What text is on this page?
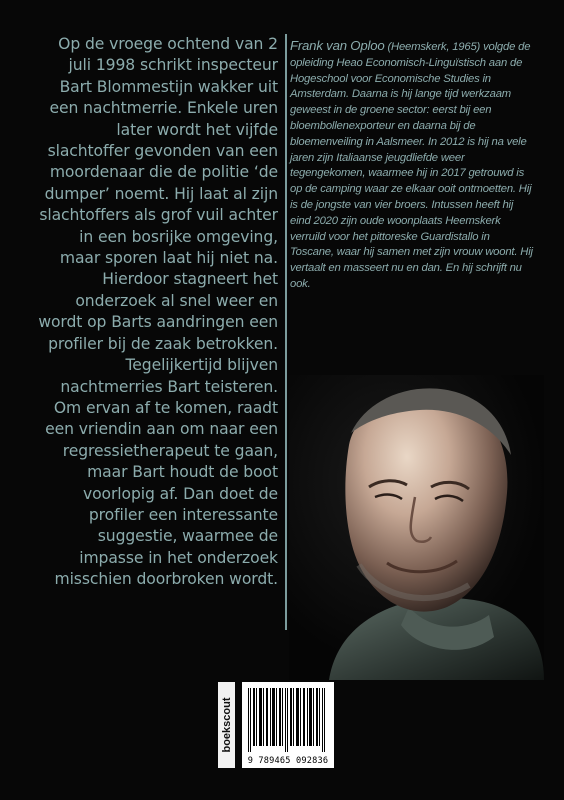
Op de vroege ochtend van 2 juli 1998 schrikt inspecteur Bart Blommestijn wakker uit een nachtmerrie. Enkele uren later wordt het vijfde slachtoffer gevonden van een moordenaar die de politie ‘de dumper’ noemt. Hij laat al zijn slachtoffers als grof vuil achter in een bosrijke omgeving, maar sporen laat hij niet na. Hierdoor stagneert het onderzoek al snel weer en wordt op Barts aandringen een profiler bij de zaak betrokken. Tegelijkertijd blijven nachtmerries Bart teisteren. Om ervan af te komen, raadt een vriendin aan om naar een regressietherapeut te gaan, maar Bart houdt de boot voorlopig af. Dan doet de profiler een interessante suggestie, waarmee de impasse in het onderzoek misschien doorbroken wordt.
Frank van Oploo (Heemskerk, 1965) volgde de opleiding Heao Economisch-Linguïstisch aan de Hogeschool voor Economische Studies in Amsterdam. Daarna is hij lange tijd werkzaam geweest in de groene sector: eerst bij een bloembollenexporteur en daarna bij de bloemenveiling in Aalsmeer. In 2012 is hij na vele jaren zijn Italiaanse jeugdliefde weer tegengekomen, waarmee hij in 2017 getrouwd is op de camping waar ze elkaar ooit ontmoetten. Hij is de jongste van vier broers. Intussen heeft hij eind 2020 zijn oude woonplaats Heemskerk verruild voor het pittoreske Guardistallo in Toscane, waar hij samen met zijn vrouw woont. Hij vertaalt en masseert nu en dan. En hij schrijft nu ook.
boekscout
9 789465 092836
